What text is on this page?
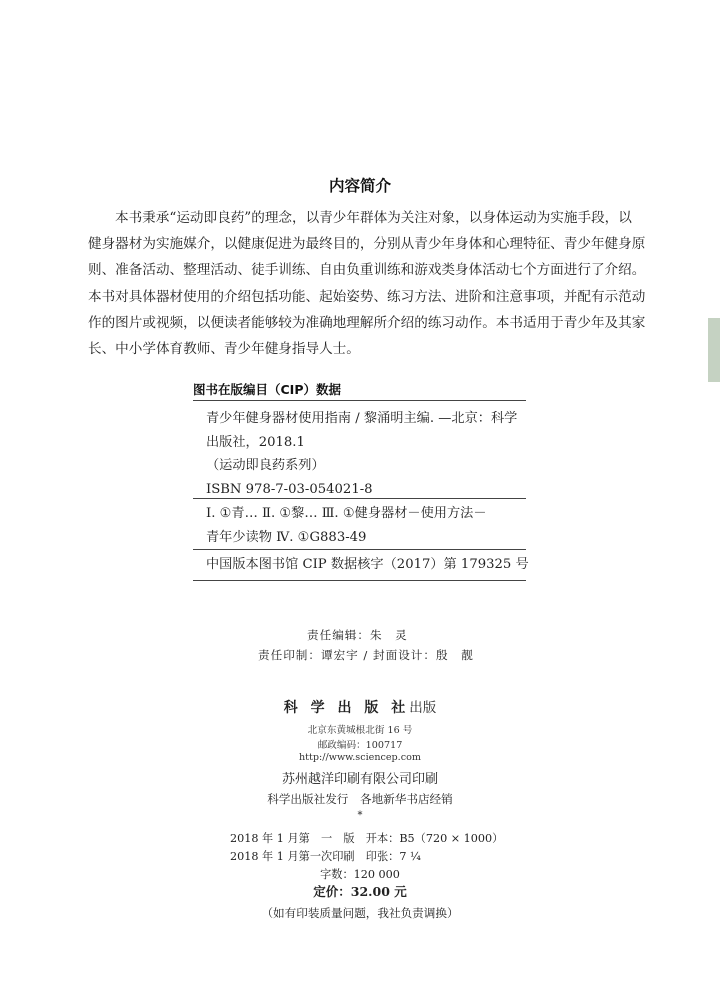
内容简介

本书秉承“运动即良药”的理念，以青少年群体为关注对象，以身体运动为实施手段，以

健身器材为实施媒介，以健康促进为最终目的，分别从青少年身体和心理特征、青少年健身原

则、准备活动、整理活动、徒手训练、自由负重训练和游戏类身体活动七个方面进行了介绍。

本书对具体器材使用的介绍包括功能、起始姿势、练习方法、进阶和注意事项，并配有示范动

作的图片或视频，以便读者能够较为准确地理解所介绍的练习动作。本书适用于青少年及其家

长、中小学体育教师、青少年健身指导人士。

图书在版编目（CIP）数据
青少年健身器材使用指南 / 黎涌明主编. —北京：科学
出版社，2018.1
（运动即良药系列）
ISBN 978-7-03-054021-8
Ⅰ. ①青… Ⅱ. ①黎… Ⅲ. ①健身器材－使用方法－
青年少读物 Ⅳ. ①G883-49
中国版本图书馆 CIP 数据核字（2017）第 179325 号
责任编辑：朱　灵
责任印制：谭宏宇 / 封面设计：殷　靓
科 学 出 版 社出版
北京东黄城根北街 16 号
邮政编码：100717
http://www.sciencep.com
苏州越洋印刷有限公司印刷
科学出版社发行　各地新华书店经销
*
2018 年 1 月第　一　版　开本：B5（720 × 1000）
2018 年 1 月第一次印刷　印张：7 ¼
字数：120 000
定价：32.00 元
（如有印装质量问题，我社负责调换）
